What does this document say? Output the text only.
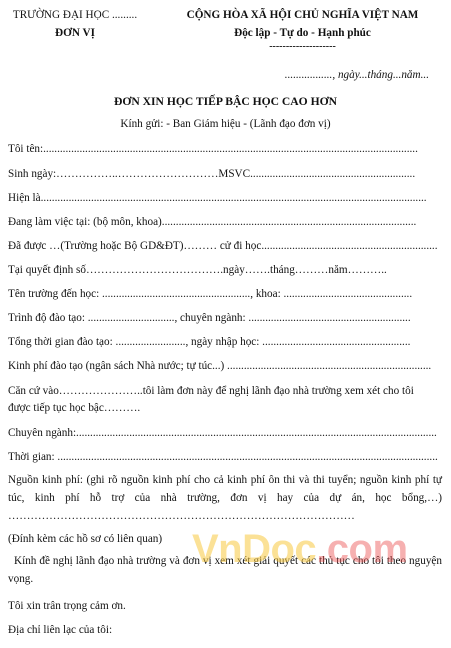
TRƯỜNG ĐẠI HỌC .........
ĐƠN VỊ
CỘNG HÒA XÃ HỘI CHỦ NGHĨA VIỆT NAM
Độc lập - Tự do - Hạnh phúc
--------------------
................., ngày...tháng...năm...
ĐƠN XIN HỌC TIẾP BẬC HỌC CAO HƠN
Kính gửi: - Ban Giám hiệu - (Lãnh đạo đơn vị)
Tôi tên:......................................................................................................................................
Sinh ngày:……………..………………………MSVC...........................................................
Hiện là..........................................................................................................................................
Đang làm việc tại: (bộ môn, khoa)...........................................................................................
Đã được …(Trường hoặc Bộ GD&ĐT)……… cử đi học...............................................................
Tại quyết định số……………………………….ngày…….tháng………năm………..
Tên trường đến học: ....................................................., khoa: ..............................................
Trình độ đào tạo: ..............................., chuyên ngành: ..........................................................
Tổng thời gian đào tạo: ........................., ngày nhập học: .....................................................
Kinh phí đào tạo (ngân sách Nhà nước; tự túc...) .........................................................................
Căn cứ vào…………………..tôi làm đơn này để nghị lãnh đạo nhà trường xem xét cho tôi
được tiếp tục học bậc……….
Chuyên ngành:.................................................................................................................................
Thời gian: ........................................................................................................................................
Nguồn kinh phí: (ghi rõ nguồn kinh phí cho cả kinh phí ôn thi và thi tuyển; nguồn kinh phí tự túc, kinh phí hỗ trợ của nhà trường, đơn vị hay của dự án, học bổng,…) …………………………………………………………………………………
(Đính kèm các hồ sơ có liên quan)
Kính đề nghị lãnh đạo nhà trường và đơn vị xem xét giải quyết các thủ tục cho tôi theo nguyện vọng.
Tôi xin trân trọng cảm ơn.
Địa chỉ liên lạc của tôi:
VnDoc.com
